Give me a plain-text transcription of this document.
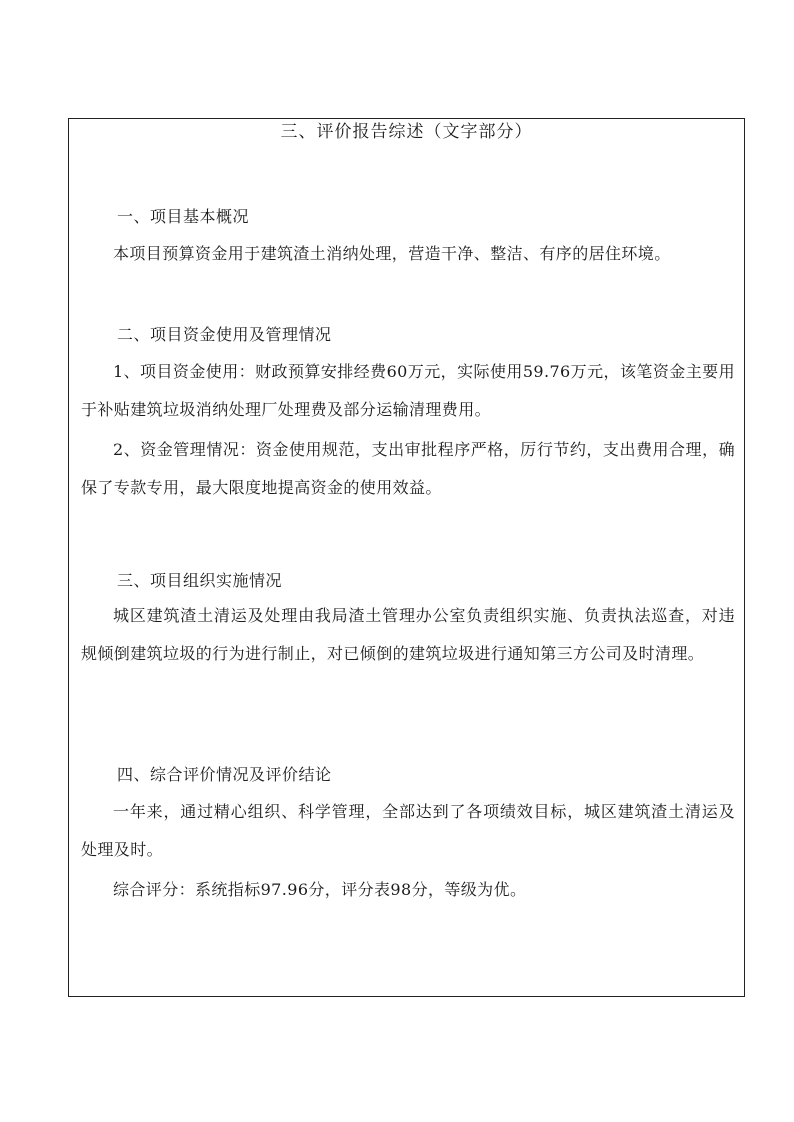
三、评价报告综述（文字部分）
一、项目基本概况
本项目预算资金用于建筑渣土消纳处理，营造干净、整洁、有序的居住环境。
二、项目资金使用及管理情况
1、项目资金使用：财政预算安排经费60万元，实际使用59.76万元，该笔资金主要用于补贴建筑垃圾消纳处理厂处理费及部分运输清理费用。
2、资金管理情况：资金使用规范，支出审批程序严格，厉行节约，支出费用合理，确保了专款专用，最大限度地提高资金的使用效益。
三、项目组织实施情况
城区建筑渣土清运及处理由我局渣土管理办公室负责组织实施、负责执法巡查，对违规倾倒建筑垃圾的行为进行制止，对已倾倒的建筑垃圾进行通知第三方公司及时清理。
四、综合评价情况及评价结论
一年来，通过精心组织、科学管理，全部达到了各项绩效目标，城区建筑渣土清运及处理及时。
综合评分：系统指标97.96分，评分表98分，等级为优。
